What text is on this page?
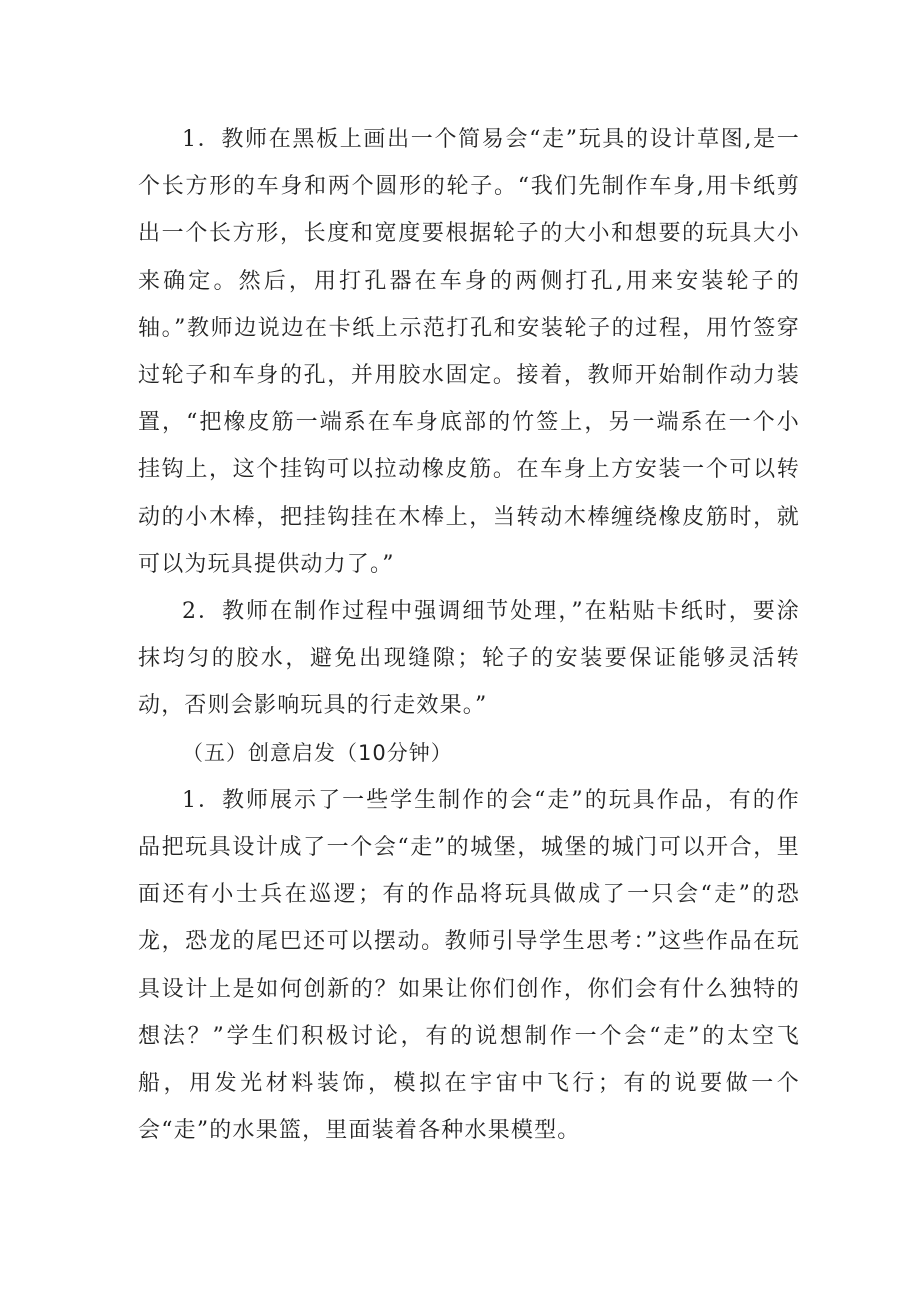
1．教师在黑板上画出一个简易会“走”玩具的设计草图,是一个长方形的车身和两个圆形的轮子。“我们先制作车身,用卡纸剪出一个长方形，长度和宽度要根据轮子的大小和想要的玩具大小来确定。然后，用打孔器在车身的两侧打孔,用来安装轮子的轴。”教师边说边在卡纸上示范打孔和安装轮子的过程，用竹签穿过轮子和车身的孔，并用胶水固定。接着，教师开始制作动力装置，“把橡皮筋一端系在车身底部的竹签上，另一端系在一个小挂钩上，这个挂钩可以拉动橡皮筋。在车身上方安装一个可以转动的小木棒，把挂钩挂在木棒上，当转动木棒缠绕橡皮筋时，就可以为玩具提供动力了。”

2．教师在制作过程中强调细节处理，”在粘贴卡纸时，要涂抹均匀的胶水，避免出现缝隙；轮子的安装要保证能够灵活转动，否则会影响玩具的行走效果。”

（五）创意启发（10分钟）

1．教师展示了一些学生制作的会“走”的玩具作品，有的作品把玩具设计成了一个会“走”的城堡，城堡的城门可以开合，里面还有小士兵在巡逻；有的作品将玩具做成了一只会“走”的恐龙，恐龙的尾巴还可以摆动。教师引导学生思考：”这些作品在玩具设计上是如何创新的？如果让你们创作，你们会有什么独特的想法？”学生们积极讨论，有的说想制作一个会“走”的太空飞船，用发光材料装饰，模拟在宇宙中飞行；有的说要做一个会“走”的水果篮，里面装着各种水果模型。
